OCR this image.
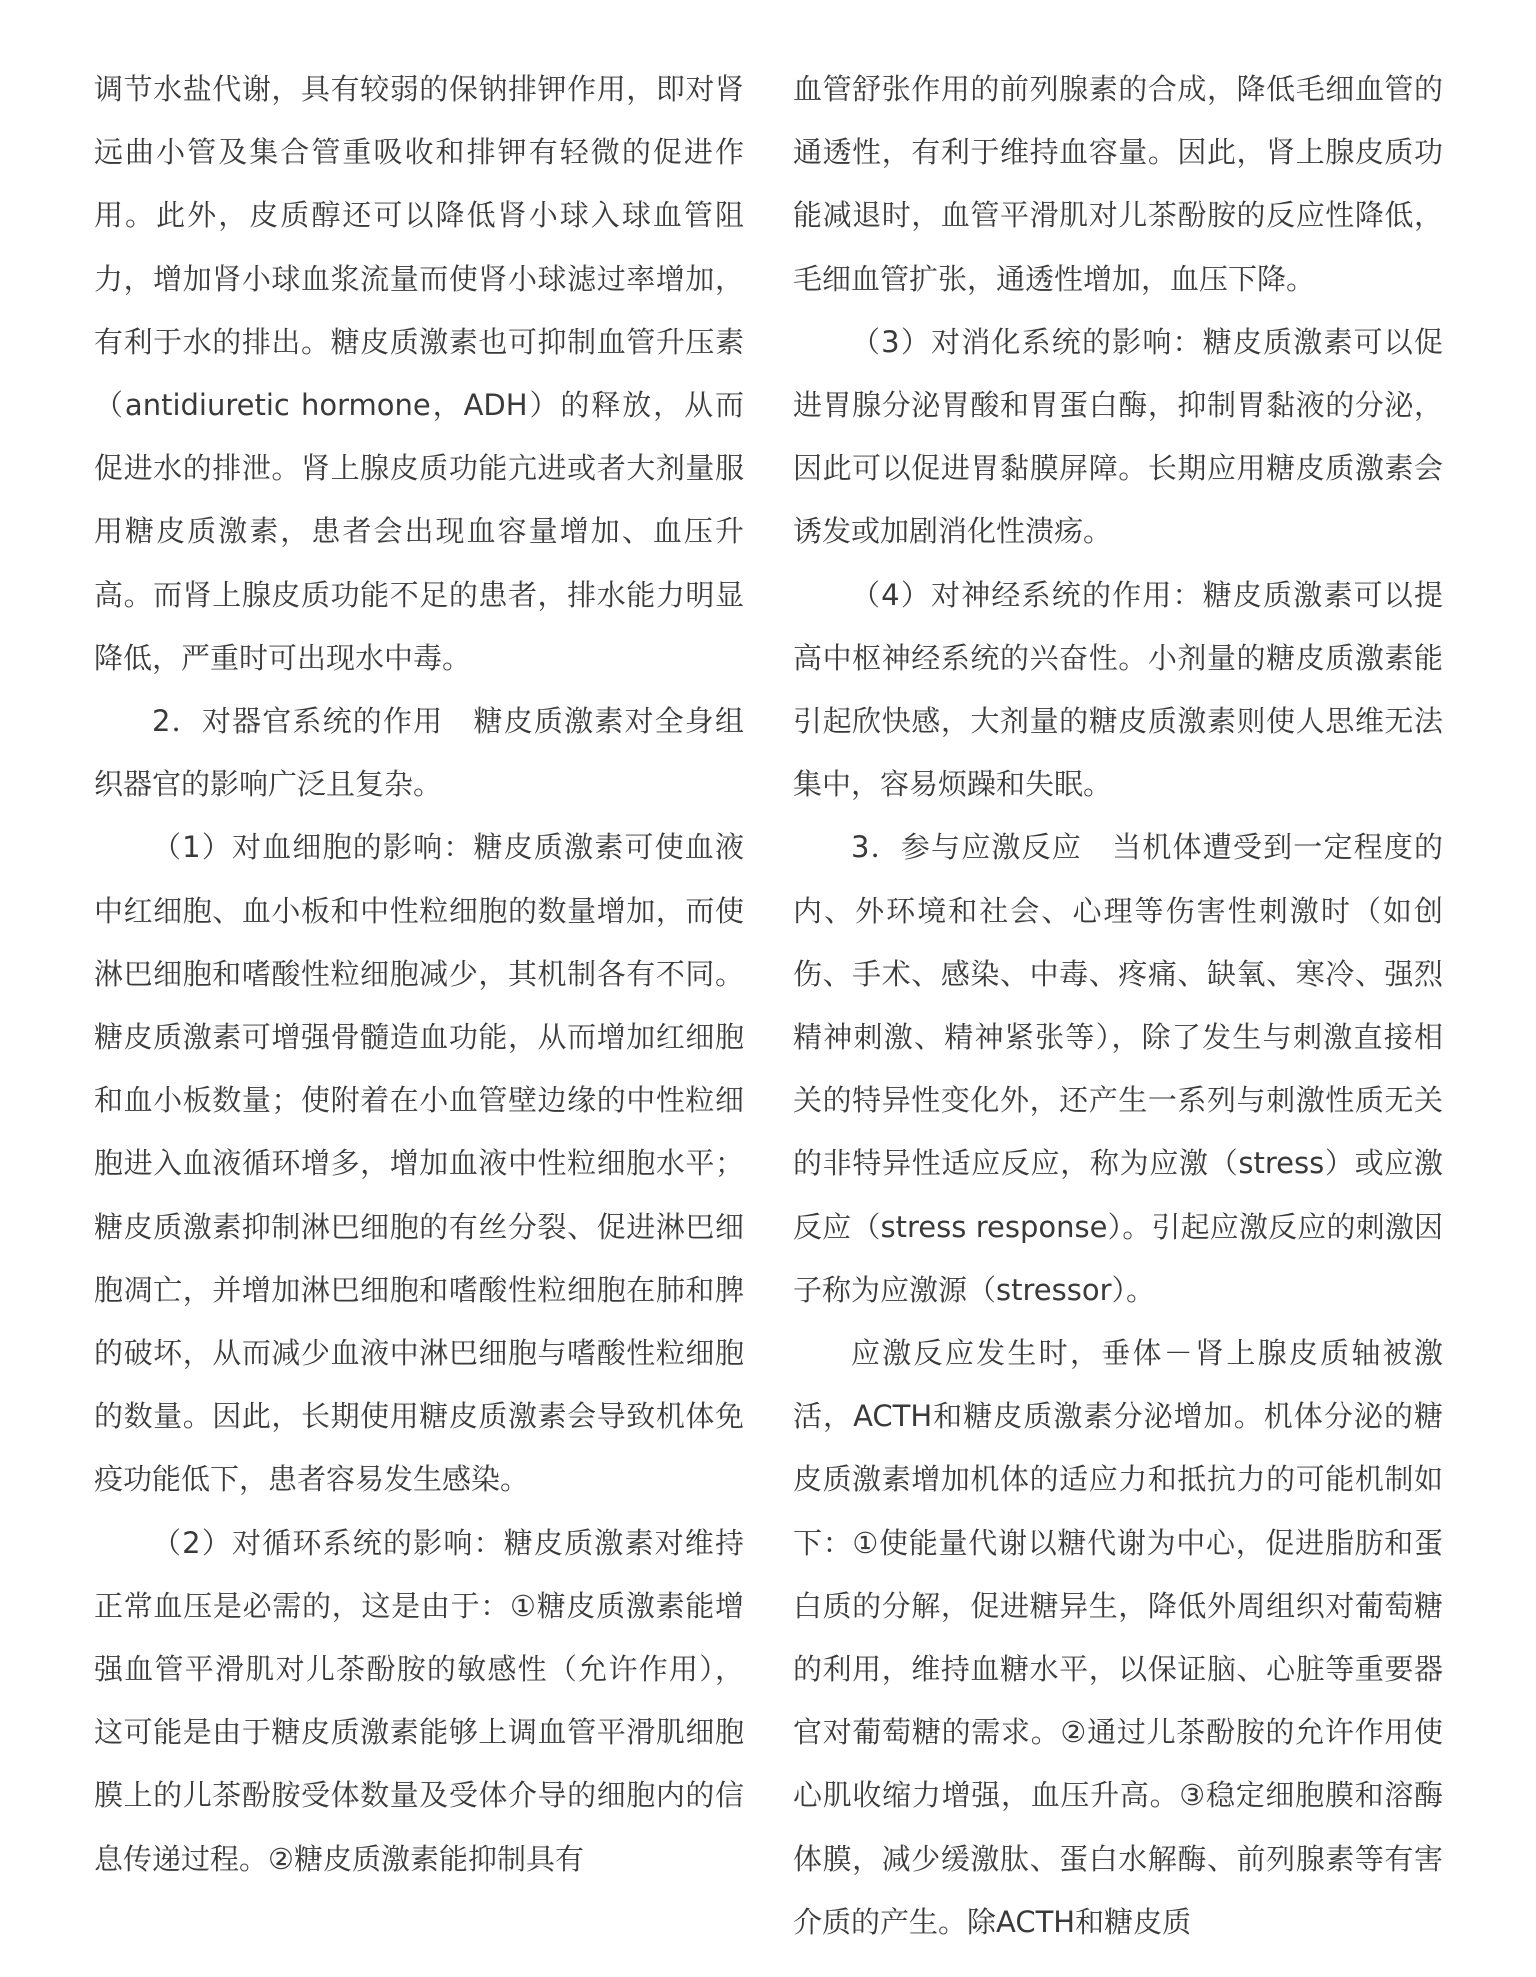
调节水盐代谢，具有较弱的保钠排钾作用，即对肾远曲小管及集合管重吸收和排钾有轻微的促进作用。此外，皮质醇还可以降低肾小球入球血管阻力，增加肾小球血浆流量而使肾小球滤过率增加，有利于水的排出。糖皮质激素也可抑制血管升压素（antidiuretic hormone，ADH）的释放，从而促进水的排泄。肾上腺皮质功能亢进或者大剂量服用糖皮质激素，患者会出现血容量增加、血压升高。而肾上腺皮质功能不足的患者，排水能力明显降低，严重时可出现水中毒。

2．对器官系统的作用　糖皮质激素对全身组织器官的影响广泛且复杂。

（1）对血细胞的影响：糖皮质激素可使血液中红细胞、血小板和中性粒细胞的数量增加，而使淋巴细胞和嗜酸性粒细胞减少，其机制各有不同。糖皮质激素可增强骨髓造血功能，从而增加红细胞和血小板数量；使附着在小血管壁边缘的中性粒细胞进入血液循环增多，增加血液中性粒细胞水平；糖皮质激素抑制淋巴细胞的有丝分裂、促进淋巴细胞凋亡，并增加淋巴细胞和嗜酸性粒细胞在肺和脾的破坏，从而减少血液中淋巴细胞与嗜酸性粒细胞的数量。因此，长期使用糖皮质激素会导致机体免疫功能低下，患者容易发生感染。

（2）对循环系统的影响：糖皮质激素对维持正常血压是必需的，这是由于：①糖皮质激素能增强血管平滑肌对儿茶酚胺的敏感性（允许作用），这可能是由于糖皮质激素能够上调血管平滑肌细胞膜上的儿茶酚胺受体数量及受体介导的细胞内的信息传递过程。②糖皮质激素能抑制具有

血管舒张作用的前列腺素的合成，降低毛细血管的通透性，有利于维持血容量。因此，肾上腺皮质功能减退时，血管平滑肌对儿茶酚胺的反应性降低，毛细血管扩张，通透性增加，血压下降。

（3）对消化系统的影响：糖皮质激素可以促进胃腺分泌胃酸和胃蛋白酶，抑制胃黏液的分泌，因此可以促进胃黏膜屏障。长期应用糖皮质激素会诱发或加剧消化性溃疡。

（4）对神经系统的作用：糖皮质激素可以提高中枢神经系统的兴奋性。小剂量的糖皮质激素能引起欣快感，大剂量的糖皮质激素则使人思维无法集中，容易烦躁和失眠。

3．参与应激反应　当机体遭受到一定程度的内、外环境和社会、心理等伤害性刺激时（如创伤、手术、感染、中毒、疼痛、缺氧、寒冷、强烈精神刺激、精神紧张等），除了发生与刺激直接相关的特异性变化外，还产生一系列与刺激性质无关的非特异性适应反应，称为应激（stress）或应激反应（stress response）。引起应激反应的刺激因子称为应激源（stressor）。

应激反应发生时，垂体－肾上腺皮质轴被激活，ACTH和糖皮质激素分泌增加。机体分泌的糖皮质激素增加机体的适应力和抵抗力的可能机制如下：①使能量代谢以糖代谢为中心，促进脂肪和蛋白质的分解，促进糖异生，降低外周组织对葡萄糖的利用，维持血糖水平，以保证脑、心脏等重要器官对葡萄糖的需求。②通过儿茶酚胺的允许作用使心肌收缩力增强，血压升高。③稳定细胞膜和溶酶体膜，减少缓激肽、蛋白水解酶、前列腺素等有害介质的产生。除ACTH和糖皮质
